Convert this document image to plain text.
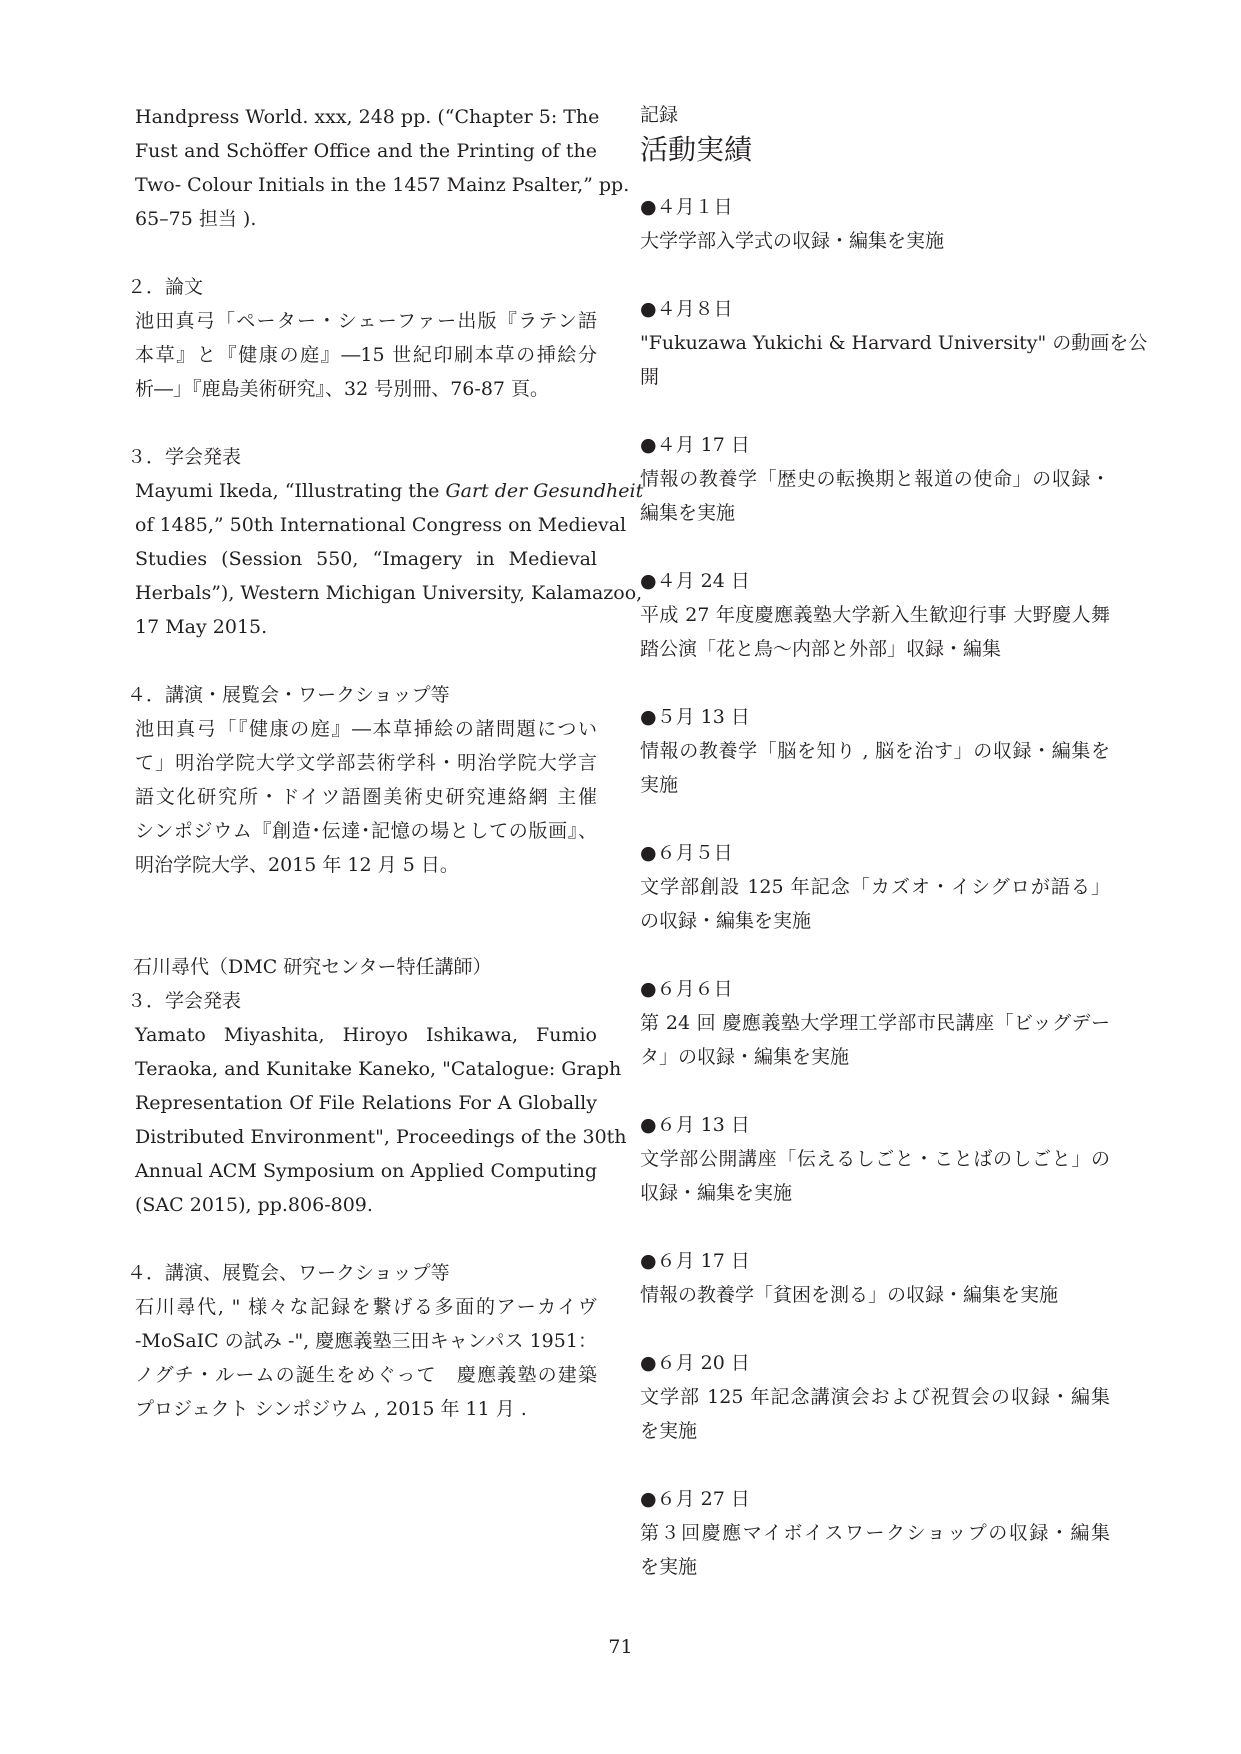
Handpress World. xxx, 248 pp. (“Chapter 5: The
Fust and Schöffer Office and the Printing of the
Two- Colour Initials in the 1457 Mainz Psalter,” pp.
65–75 担当 ).
２．論文
池田真弓「ペーター・シェーファー出版『ラテン語
本草』と『健康の庭』―15 世紀印刷本草の挿絵分
析―」『鹿島美術研究』、32 号別冊、76-87 頁。
３．学会発表
Mayumi Ikeda, “Illustrating the Gart der Gesundheit
of 1485,” 50th International Congress on Medieval
Studies (Session 550, “Imagery in Medieval
Herbals”), Western Michigan University, Kalamazoo,
17 May 2015.
４．講演・展覧会・ワークショップ等
池田真弓「『健康の庭』―本草挿絵の諸問題につい
て」明治学院大学文学部芸術学科・明治学院大学言
語文化研究所・ドイツ語圏美術史研究連絡網 主催
シンポジウム『創造･伝達･記憶の場としての版画』、
明治学院大学、2015 年 12 月 5 日。
石川尋代（DMC 研究センター特任講師）
３．学会発表
Yamato Miyashita, Hiroyo Ishikawa, Fumio
Teraoka, and Kunitake Kaneko, "Catalogue: Graph
Representation Of File Relations For A Globally
Distributed Environment", Proceedings of the 30th
Annual ACM Symposium on Applied Computing
(SAC 2015), pp.806-809.
４．講演、展覧会、ワークショップ等
石川尋代, " 様々な記録を繋げる多面的アーカイヴ
-MoSaIC の試み -", 慶應義塾三田キャンパス 1951：
ノグチ・ルームの誕生をめぐって　慶應義塾の建築
プロジェクト シンポジウム , 2015 年 11 月 .
記録
活動実績
●４月１日
大学学部入学式の収録・編集を実施
●４月８日
"Fukuzawa Yukichi & Harvard University" の動画を公
開
●４月 17 日
情報の教養学「歴史の転換期と報道の使命」の収録・
編集を実施
●４月 24 日
平成 27 年度慶應義塾大学新入生歓迎行事 大野慶人舞
踏公演「花と鳥～内部と外部」収録・編集
●５月 13 日
情報の教養学「脳を知り , 脳を治す」の収録・編集を
実施
●６月５日
文学部創設 125 年記念「カズオ・イシグロが語る」
の収録・編集を実施
●６月６日
第 24 回 慶應義塾大学理工学部市民講座「ビッグデー
タ」の収録・編集を実施
●６月 13 日
文学部公開講座「伝えるしごと・ことばのしごと」の
収録・編集を実施
●６月 17 日
情報の教養学「貧困を測る」の収録・編集を実施
●６月 20 日
文学部 125 年記念講演会および祝賀会の収録・編集
を実施
●６月 27 日
第３回慶應マイボイスワークショップの収録・編集
を実施
71
